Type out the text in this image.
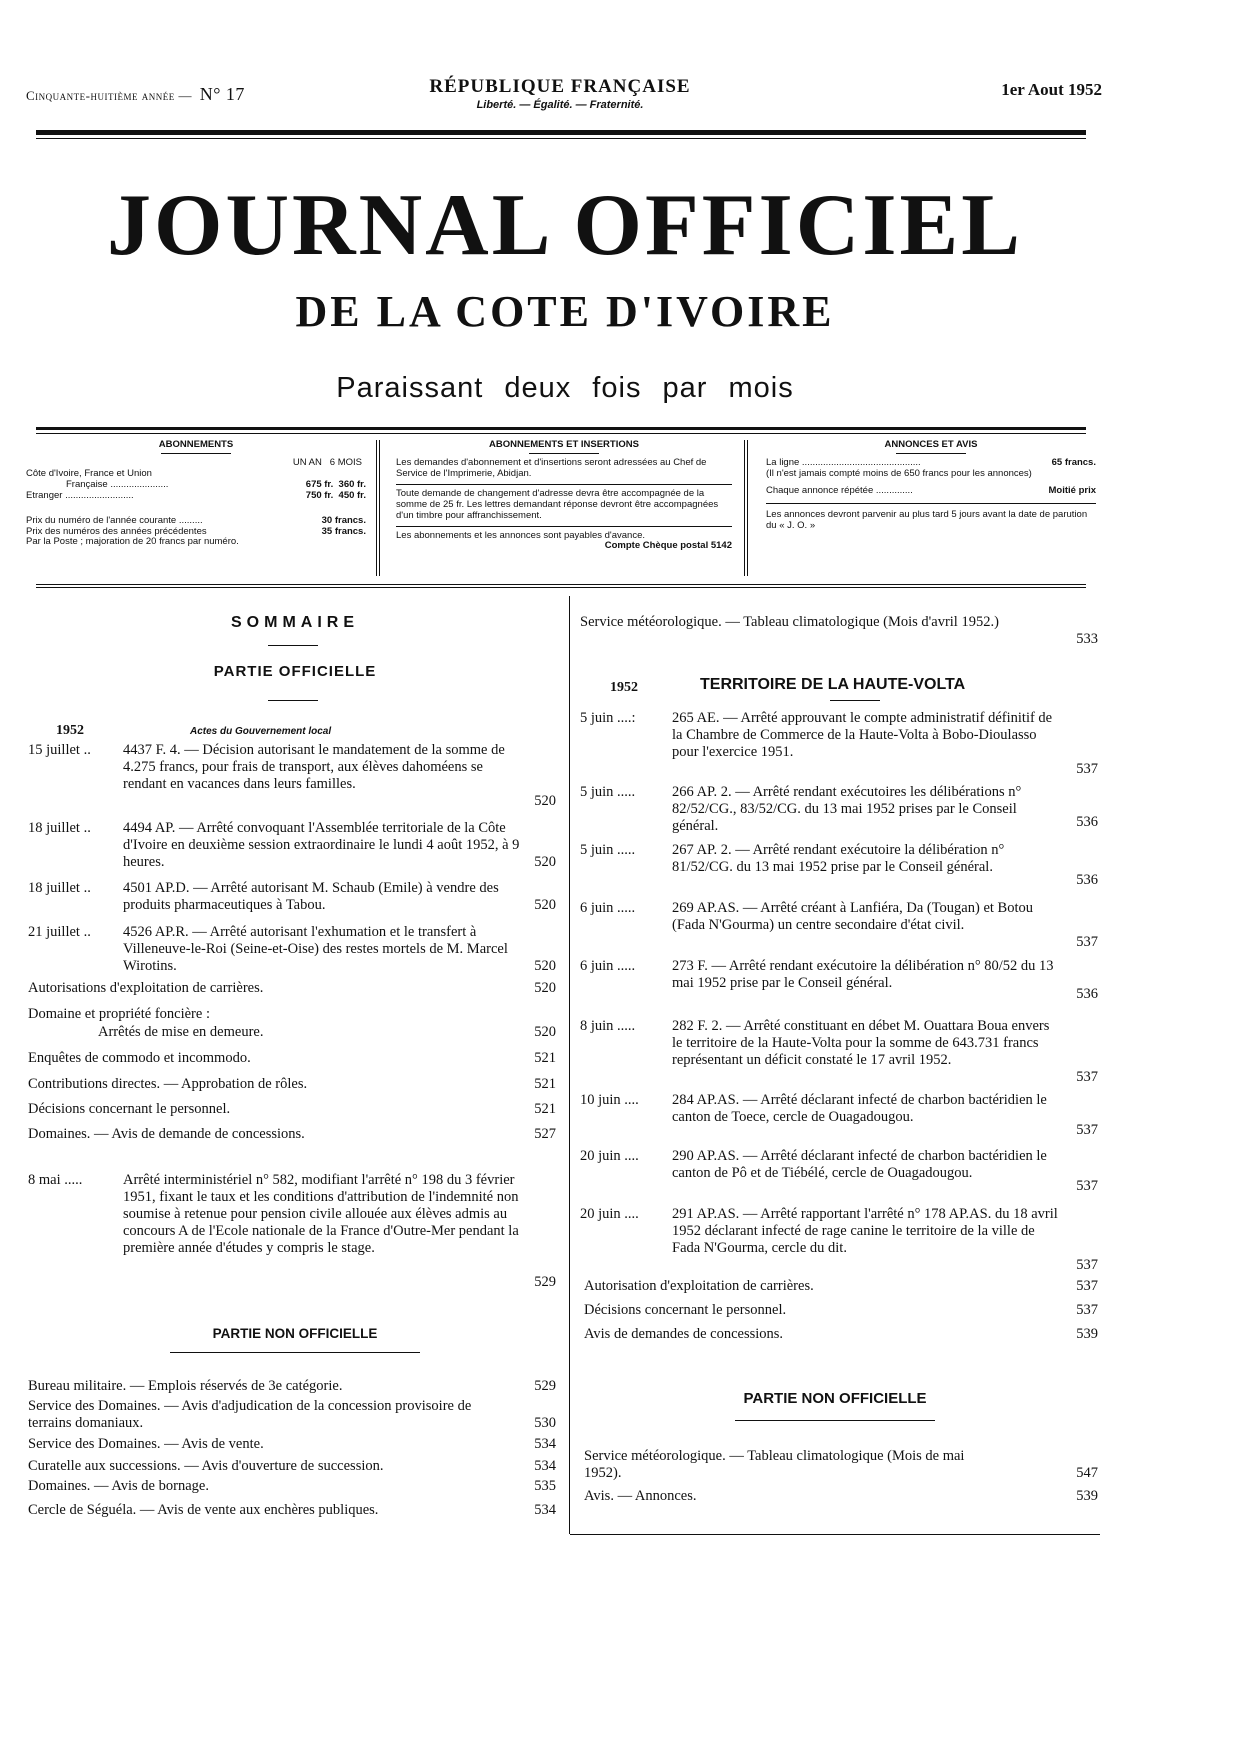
Cinquante-huitième année — N° 17	RÉPUBLIQUE FRANÇAISE
Liberté. — Égalité. — Fraternité.
1er Aout 1952
JOURNAL OFFICIEL
DE LA COTE D'IVOIRE
Paraissant deux fois par mois
ABONNEMENTS
UN AN 6 MOIS
Côte d'Ivoire, France et Union
Française ......................	675 fr. 360 fr.
Etranger ..........................	750 fr. 450 fr.
Prix du numéro de l'année courante .........	30 francs.
Prix des numéros des années précédentes	35 francs.
Par la Poste ; majoration de 20 francs par numéro.
ABONNEMENTS ET INSERTIONS
Les demandes d'abonnement et d'insertions seront adressées au Chef de Service de l'Imprimerie, Abidjan.
Toute demande de changement d'adresse devra être accompagnée de la somme de 25 fr. Les lettres demandant réponse devront être accompagnées d'un timbre pour affranchissement.
Les abonnements et les annonces sont payables d'avance.
Compte Chèque postal 5142
ANNONCES ET AVIS
La ligne .............................................	65 francs.
(Il n'est jamais compté moins de 650 francs pour les annonces)
Chaque annonce répétée ..............	Moitié prix
Les annonces devront parvenir au plus tard 5 jours avant la date de parution du « J. O. »
SOMMAIRE
PARTIE OFFICIELLE
1952	Actes du Gouvernement local
15 juillet .. 4437 F. 4. — Décision autorisant le mandatement de la somme de 4.275 francs, pour frais de transport, aux élèves dahoméens se rendant en vacances dans leurs familles.
520
18 juillet .. 4494 AP. — Arrêté convoquant l'Assemblée territoriale de la Côte d'Ivoire en deuxième session extraordinaire le lundi 4 août 1952, à 9 heures.	520
18 juillet .. 4501 AP.D. — Arrêté autorisant M. Schaub (Emile) à vendre des produits pharmaceutiques à Tabou.	520
21 juillet .. 4526 AP.R. — Arrêté autorisant l'exhumation et le transfert à Villeneuve-le-Roi (Seine-et-Oise) des restes mortels de M. Marcel Wirotins.	520
Autorisations d'exploitation de carrières.	520
Domaine et propriété foncière :
Arrêtés de mise en demeure.	520
Enquêtes de commodo et incommodo.	521
Contributions directes. — Approbation de rôles.	521
Décisions concernant le personnel.	521
Domaines. — Avis de demande de concessions.	527
8 mai .....	Arrêté interministériel n° 582, modifiant l'arrêté n° 198 du 3 février 1951, fixant le taux et les conditions d'attribution de l'indemnité non soumise à retenue pour pension civile allouée aux élèves admis au concours A de l'Ecole nationale de la France d'Outre-Mer pendant la première année d'études y compris le stage.
529
PARTIE NON OFFICIELLE
Bureau militaire. — Emplois réservés de 3e catégorie.	529
Service des Domaines. — Avis d'adjudication de la concession provisoire de terrains domaniaux.	530
Service des Domaines. — Avis de vente.	534
Curatelle aux successions. — Avis d'ouverture de succession.	534
Domaines. — Avis de bornage.	535
Cercle de Séguéla. — Avis de vente aux enchères publiques.	534
Service météorologique. — Tableau climatologique (Mois d'avril 1952.)
533
1952	TERRITOIRE DE LA HAUTE-VOLTA
5 juin ....:	265 AE. — Arrêté approuvant le compte administratif définitif de la Chambre de Commerce de la Haute-Volta à Bobo-Dioulasso pour l'exercice 1951.
537
5 juin .....	266 AP. 2. — Arrêté rendant exécutoires les délibérations n° 82/52/CG., 83/52/CG. du 13 mai 1952 prises par le Conseil général.	536
5 juin .....	267 AP. 2. — Arrêté rendant exécutoire la délibération n° 81/52/CG. du 13 mai 1952 prise par le Conseil général.
536
6 juin .....	269 AP.AS. — Arrêté créant à Lanfiéra, Da (Tougan) et Botou (Fada N'Gourma) un centre secondaire d'état civil.
537
6 juin .....	273 F. — Arrêté rendant exécutoire la délibération n° 80/52 du 13 mai 1952 prise par le Conseil général.
536
8 juin .....	282 F. 2. — Arrêté constituant en débet M. Ouattara Boua envers le territoire de la Haute-Volta pour la somme de 643.731 francs représentant un déficit constaté le 17 avril 1952.
537
10 juin .... 284 AP.AS. — Arrêté déclarant infecté de charbon bactéridien le canton de Toece, cercle de Ouagadougou.
537
20 juin .... 290 AP.AS. — Arrêté déclarant infecté de charbon bactéridien le canton de Pô et de Tiébélé, cercle de Ouagadougou.
537
20 juin .... 291 AP.AS. — Arrêté rapportant l'arrêté n° 178 AP.AS. du 18 avril 1952 déclarant infecté de rage canine le territoire de la ville de Fada N'Gourma, cercle du dit.
537
Autorisation d'exploitation de carrières.	537
Décisions concernant le personnel.	537
Avis de demandes de concessions.	539
PARTIE NON OFFICIELLE
Service météorologique. — Tableau climatologique (Mois de mai 1952).	547
Avis. — Annonces.	539
